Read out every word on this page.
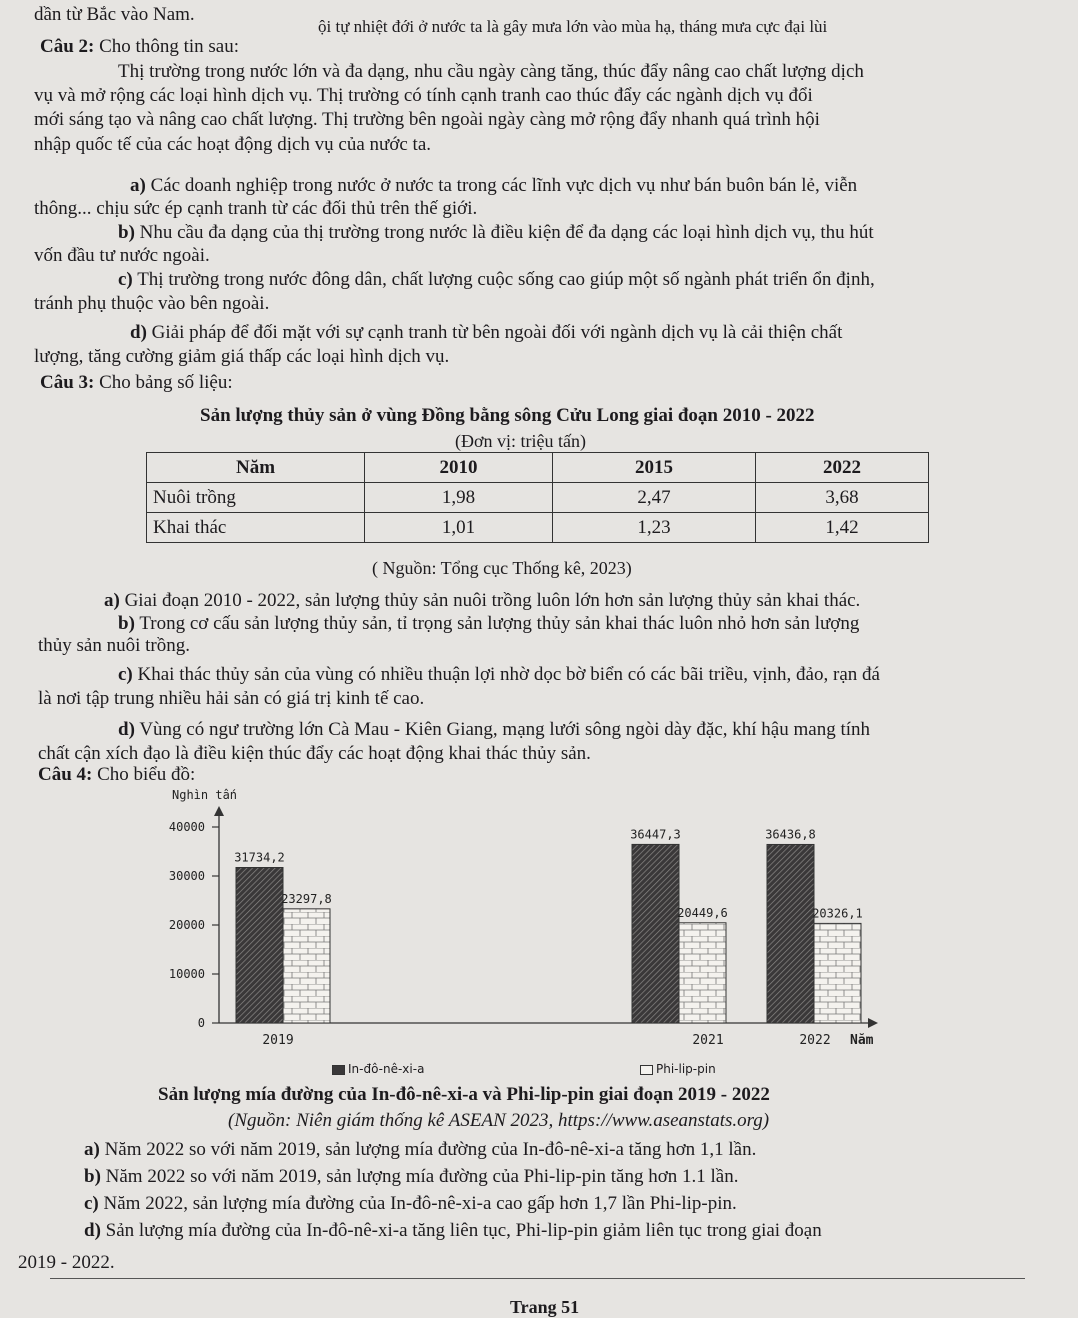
dần từ Bắc vào Nam.
ội tự nhiệt đới ở nước ta là gây mưa lớn vào mùa hạ, tháng mưa cực đại lùi
Câu 2: Cho thông tin sau:
Thị trường trong nước lớn và đa dạng, nhu cầu ngày càng tăng, thúc đẩy nâng cao chất lượng dịch
vụ và mở rộng các loại hình dịch vụ. Thị trường có tính cạnh tranh cao thúc đẩy các ngành dịch vụ đổi
mới sáng tạo và nâng cao chất lượng. Thị trường bên ngoài ngày càng mở rộng đẩy nhanh quá trình hội
nhập quốc tế của các hoạt động dịch vụ của nước ta.
a) Các doanh nghiệp trong nước ở nước ta trong các lĩnh vực dịch vụ như bán buôn bán lẻ, viễn
thông... chịu sức ép cạnh tranh từ các đối thủ trên thế giới.
b) Nhu cầu đa dạng của thị trường trong nước là điều kiện để đa dạng các loại hình dịch vụ, thu hút
vốn đầu tư nước ngoài.
c) Thị trường trong nước đông dân, chất lượng cuộc sống cao giúp một số ngành phát triển ổn định,
tránh phụ thuộc vào bên ngoài.
d) Giải pháp để đối mặt với sự cạnh tranh từ bên ngoài đối với ngành dịch vụ là cải thiện chất
lượng, tăng cường giảm giá thấp các loại hình dịch vụ.
Câu 3: Cho bảng số liệu:
Sản lượng thủy sản ở vùng Đồng bằng sông Cửu Long giai đoạn 2010 - 2022
(Đơn vị: triệu tấn)
Năm	2010	2015	2022
Nuôi trồng	1,98	2,47	3,68
Khai thác	1,01	1,23	1,42
( Nguồn: Tổng cục Thống kê, 2023)
a) Giai đoạn 2010 - 2022, sản lượng thủy sản nuôi trồng luôn lớn hơn sản lượng thủy sản khai thác.
b) Trong cơ cấu sản lượng thủy sản, tỉ trọng sản lượng thủy sản khai thác luôn nhỏ hơn sản lượng
thủy sản nuôi trồng.
c) Khai thác thủy sản của vùng có nhiều thuận lợi nhờ dọc bờ biển có các bãi triều, vịnh, đảo, rạn đá
là nơi tập trung nhiều hải sản có giá trị kinh tế cao.
d) Vùng có ngư trường lớn Cà Mau - Kiên Giang, mạng lưới sông ngòi dày đặc, khí hậu mang tính
chất cận xích đạo là điều kiện thúc đẩy các hoạt động khai thác thủy sản.
Câu 4: Cho biểu đồ:
Nghìn tấn
40000
30000
20000
10000
0
Năm
2019
31734,2
23297,8
2021
36447,3
20449,6
2022
36436,8
20326,1
In-đô-nê-xi-a	Phi-lip-pin
Sản lượng mía đường của In-đô-nê-xi-a và Phi-lip-pin giai đoạn 2019 - 2022
(Nguồn: Niên giám thống kê ASEAN 2023, https://www.aseanstats.org)
a) Năm 2022 so với năm 2019, sản lượng mía đường của In-đô-nê-xi-a tăng hơn 1,1 lần.
b) Năm 2022 so với năm 2019, sản lượng mía đường của Phi-lip-pin tăng hơn 1.1 lần.
c) Năm 2022, sản lượng mía đường của In-đô-nê-xi-a cao gấp hơn 1,7 lần Phi-lip-pin.
d) Sản lượng mía đường của In-đô-nê-xi-a tăng liên tục, Phi-lip-pin giảm liên tục trong giai đoạn
2019 - 2022.
Trang 51
